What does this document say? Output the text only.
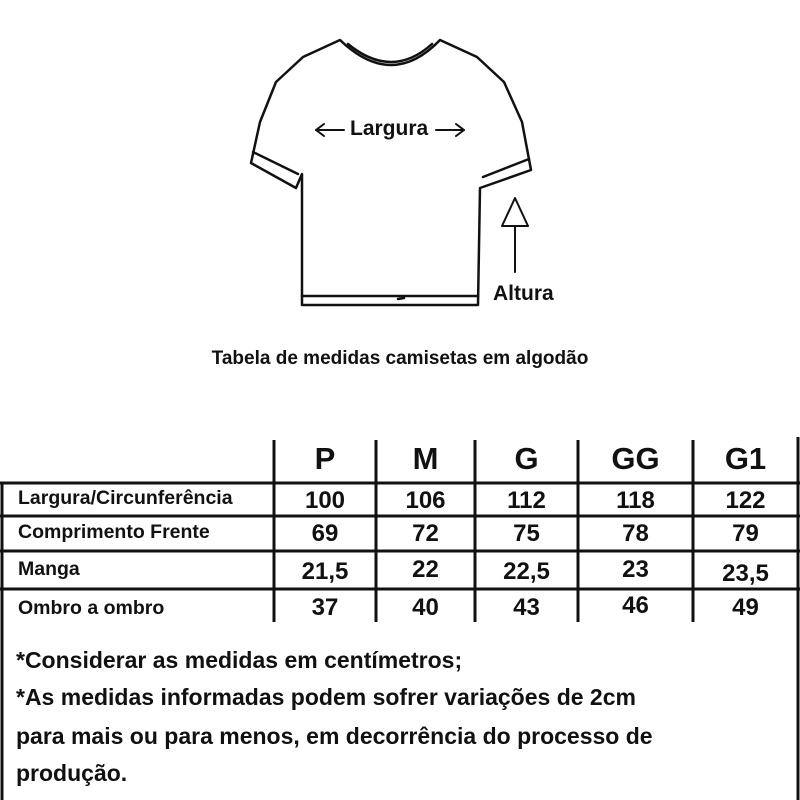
Largura
Altura
Tabela de medidas camisetas em algodão
P	M	G	GG	G1
Largura/Circunferência	100	106	112	118	122
Comprimento Frente	69	72	75	78	79
Manga	21,5	22	22,5	23	23,5
Ombro a ombro	37	40	43	46	49
*Considerar as medidas em centímetros;
*As medidas informadas podem sofrer variações de 2cm
para mais ou para menos, em decorrência do processo de
produção.
